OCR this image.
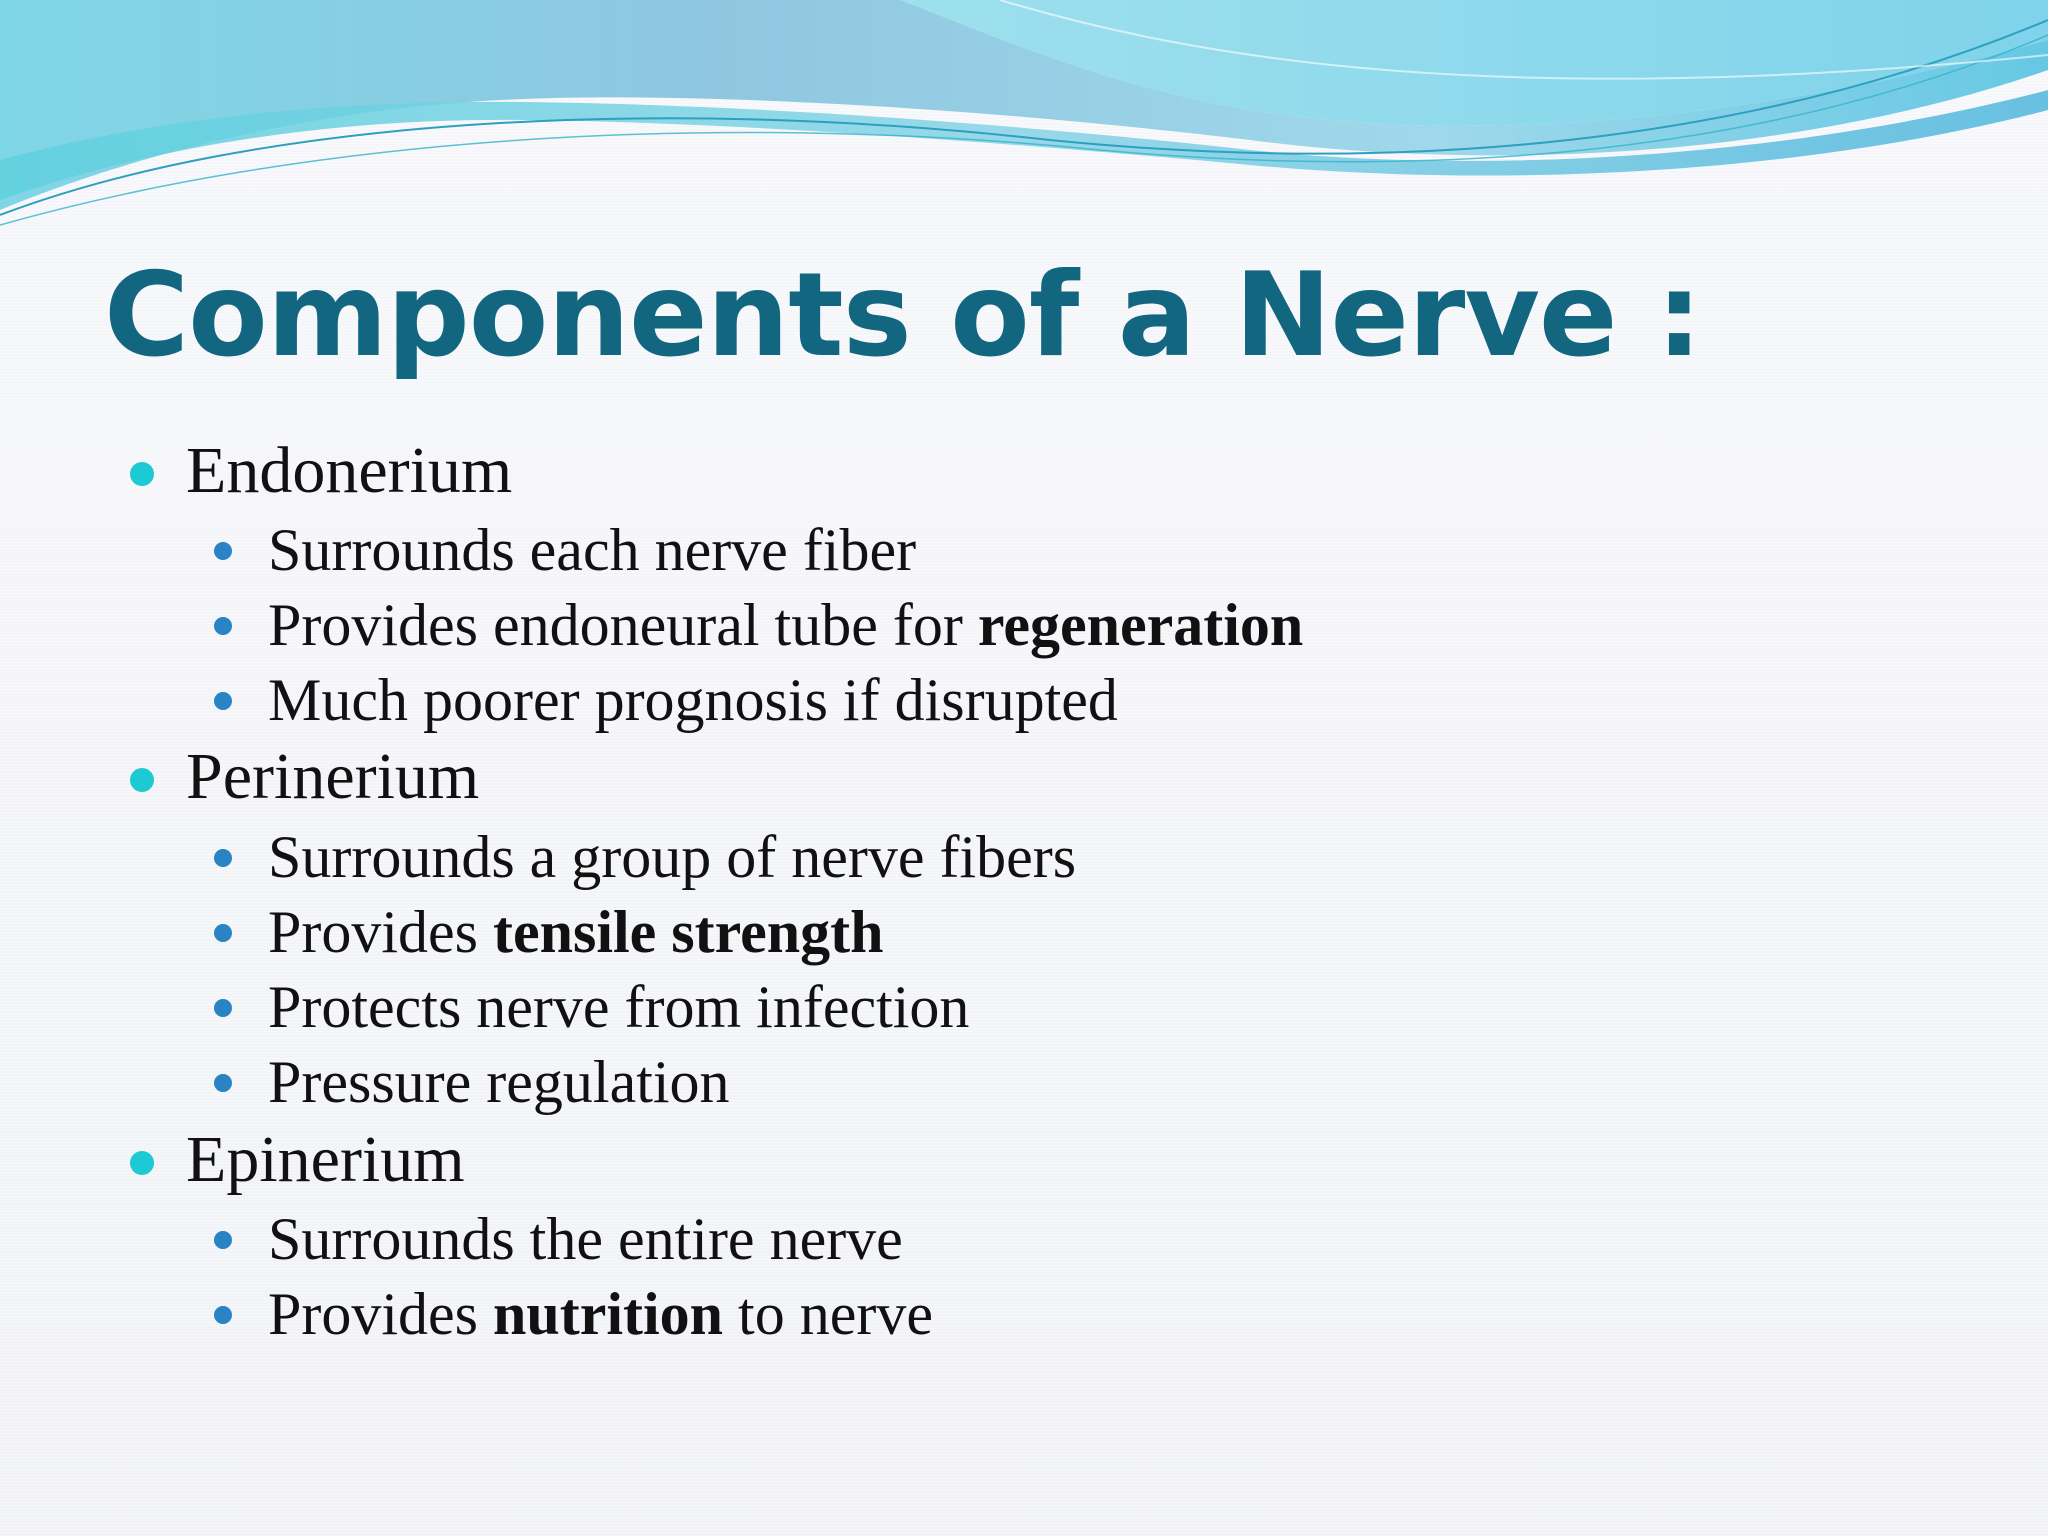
Components of a Nerve :
Endonerium
Surrounds each nerve fiber
Provides endoneural tube for regeneration
Much poorer prognosis if disrupted
Perinerium
Surrounds a group of nerve fibers
Provides tensile strength
Protects nerve from infection
Pressure regulation
Epinerium
Surrounds the entire nerve
Provides nutrition to nerve
